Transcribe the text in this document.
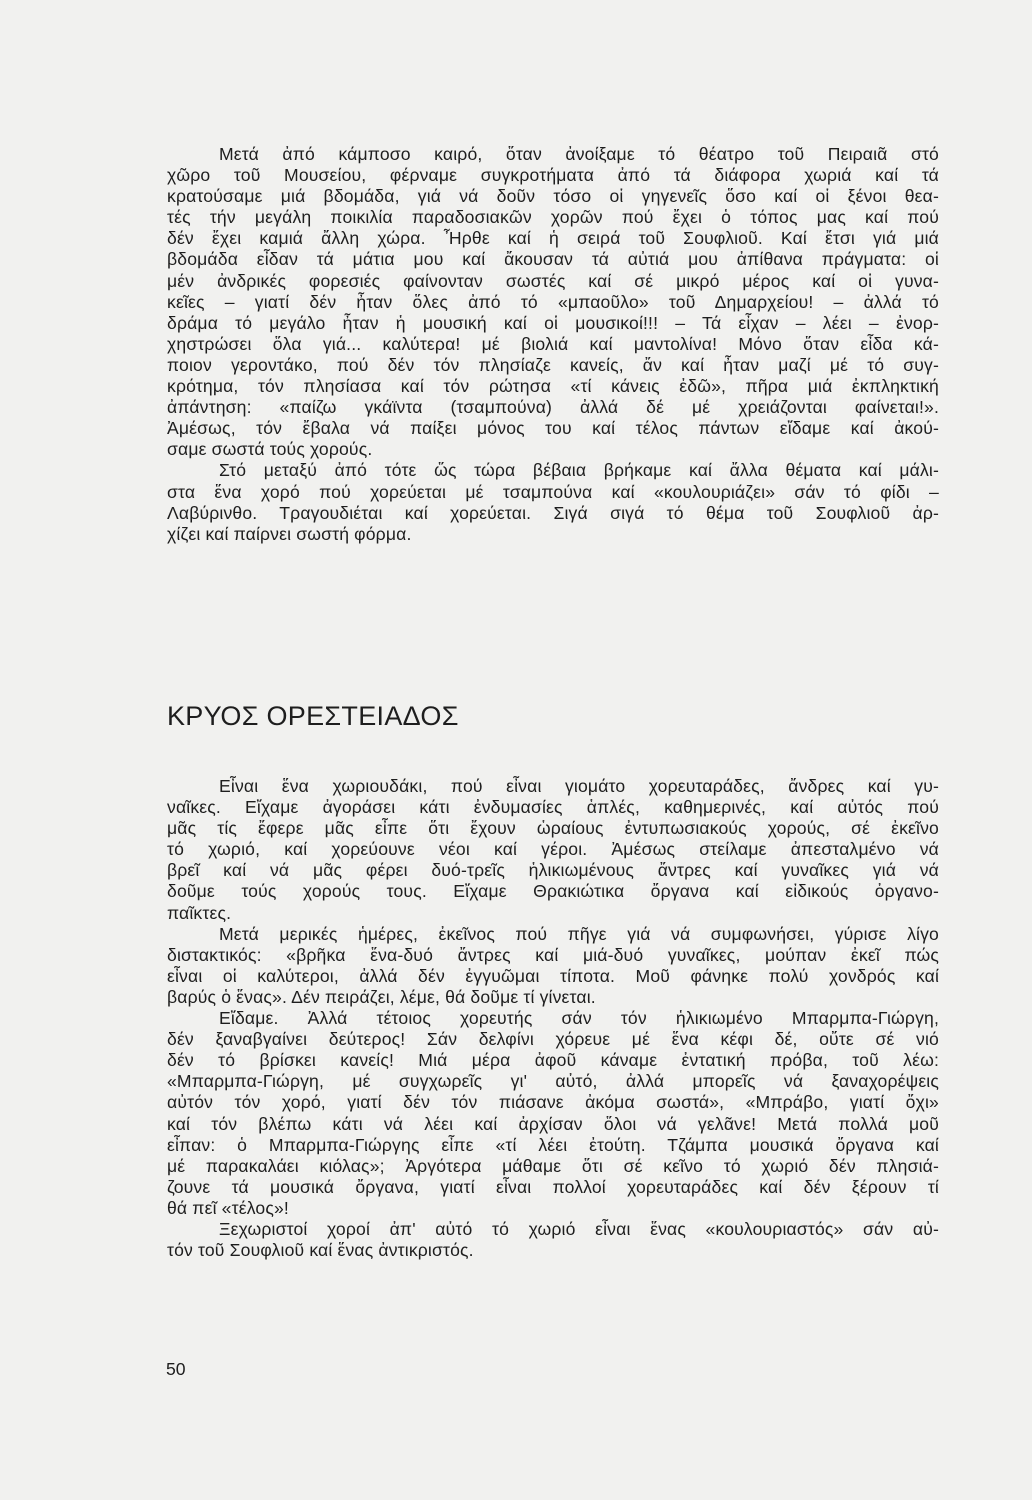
Μετά ἀπό κάμποσο καιρό, ὅταν ἀνοίξαμε τό θέατρο τοῦ Πειραιᾶ στό
χῶρο τοῦ Μουσείου, φέρναμε συγκροτήματα ἀπό τά διάφορα χωριά καί τά
κρατούσαμε μιά βδομάδα, γιά νά δοῦν τόσο οἱ γηγενεῖς ὅσο καί οἱ ξένοι θεα-
τές τήν μεγάλη ποικιλία παραδοσιακῶν χορῶν πού ἔχει ὁ τόπος μας καί πού
δέν ἔχει καμιά ἄλλη χώρα. Ἦρθε καί ἡ σειρά τοῦ Σουφλιοῦ. Καί ἔτσι γιά μιά
βδομάδα εἶδαν τά μάτια μου καί ἄκουσαν τά αὐτιά μου ἀπίθανα πράγματα: οἱ
μέν ἀνδρικές φορεσιές φαίνονταν σωστές καί σέ μικρό μέρος καί οἱ γυνα-
κεῖες – γιατί δέν ἦταν ὅλες ἀπό τό «μπαοῦλο» τοῦ Δημαρχείου! – ἀλλά τό
δράμα τό μεγάλο ἦταν ἡ μουσική καί οἱ μουσικοί!!! – Τά εἶχαν – λέει – ἐνορ-
χηστρώσει ὅλα γιά... καλύτερα! μέ βιολιά καί μαντολίνα! Μόνο ὅταν εἶδα κά-
ποιον γεροντάκο, πού δέν τόν πλησίαζε κανείς, ἄν καί ἦταν μαζί μέ τό συγ-
κρότημα, τόν πλησίασα καί τόν ρώτησα «τί κάνεις ἐδῶ», πῆρα μιά ἐκπληκτική
ἀπάντηση: «παίζω γκάϊντα (τσαμπούνα) ἀλλά δέ μέ χρειάζονται φαίνεται!».
Ἀμέσως, τόν ἔβαλα νά παίξει μόνος του καί τέλος πάντων εἴδαμε καί ἀκού-
σαμε σωστά τούς χορούς.
Στό μεταξύ ἀπό τότε ὥς τώρα βέβαια βρήκαμε καί ἄλλα θέματα καί μάλι-
στα ἕνα χορό πού χορεύεται μέ τσαμπούνα καί «κουλουριάζει» σάν τό φίδι –
Λαβύρινθο. Τραγουδιέται καί χορεύεται. Σιγά σιγά τό θέμα τοῦ Σουφλιοῦ ἀρ-
χίζει καί παίρνει σωστή φόρμα.
ΚΡΥΟΣ ΟΡΕΣΤΕΙΑΔΟΣ
Εἶναι ἕνα χωριουδάκι, πού εἶναι γιομάτο χορευταράδες, ἄνδρες καί γυ-
ναῖκες. Εἴχαμε ἀγοράσει κάτι ἐνδυμασίες ἁπλές, καθημερινές, καί αὐτός πού
μᾶς τίς ἔφερε μᾶς εἶπε ὅτι ἔχουν ὡραίους ἐντυπωσιακούς χορούς, σέ ἐκεῖνο
τό χωριό, καί χορεύουνε νέοι καί γέροι. Ἀμέσως στείλαμε ἀπεσταλμένο νά
βρεῖ καί νά μᾶς φέρει δυό-τρεῖς ἡλικιωμένους ἄντρες καί γυναῖκες γιά νά
δοῦμε τούς χορούς τους. Εἴχαμε Θρακιώτικα ὄργανα καί εἰδικούς ὀργανο-
παῖκτες.
Μετά μερικές ἡμέρες, ἐκεῖνος πού πῆγε γιά νά συμφωνήσει, γύρισε λίγο
διστακτικός: «βρῆκα ἕνα-δυό ἄντρες καί μιά-δυό γυναῖκες, μούπαν ἐκεῖ πώς
εἶναι οἱ καλύτεροι, ἀλλά δέν ἐγγυῶμαι τίποτα. Μοῦ φάνηκε πολύ χονδρός καί
βαρύς ὁ ἕνας». Δέν πειράζει, λέμε, θά δοῦμε τί γίνεται.
Εἴδαμε. Ἀλλά τέτοιος χορευτής σάν τόν ἡλικιωμένο Μπαρμπα-Γιώργη,
δέν ξαναβγαίνει δεύτερος! Σάν δελφίνι χόρευε μέ ἕνα κέφι δέ, οὔτε σέ νιό
δέν τό βρίσκει κανείς! Μιά μέρα ἀφοῦ κάναμε ἐντατική πρόβα, τοῦ λέω:
«Μπαρμπα-Γιώργη, μέ συγχωρεῖς γι' αὐτό, ἀλλά μπορεῖς νά ξαναχορέψεις
αὐτόν τόν χορό, γιατί δέν τόν πιάσανε ἀκόμα σωστά», «Μπράβο, γιατί ὄχι»
καί τόν βλέπω κάτι νά λέει καί ἀρχίσαν ὅλοι νά γελᾶνε! Μετά πολλά μοῦ
εἶπαν: ὁ Μπαρμπα-Γιώργης εἶπε «τί λέει ἐτούτη. Τζάμπα μουσικά ὄργανα καί
μέ παρακαλάει κιόλας»; Ἀργότερα μάθαμε ὅτι σέ κεῖνο τό χωριό δέν πλησιά-
ζουνε τά μουσικά ὄργανα, γιατί εἶναι πολλοί χορευταράδες καί δέν ξέρουν τί
θά πεῖ «τέλος»!
Ξεχωριστοί χοροί ἀπ' αὐτό τό χωριό εἶναι ἕνας «κουλουριαστός» σάν αὐ-
τόν τοῦ Σουφλιοῦ καί ἕνας ἀντικριστός.
50
